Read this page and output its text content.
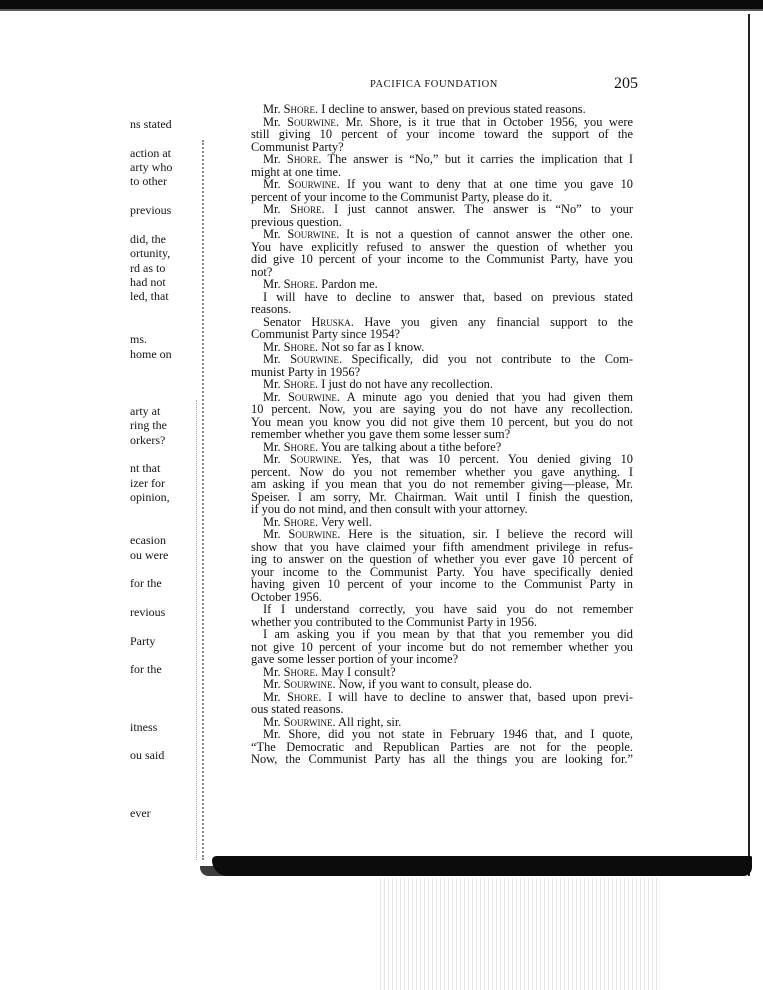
ns stated
action at
arty who
to other
previous
did, the
ortunity,
rd as to
had not
led, that
ms.
home on
arty at
ring the
orkers?
nt that
izer for
opinion,
ecasion
ou were
for the
revious
Party
for the
itness
ou said
ever
PACIFICA FOUNDATION	205
Mr. Shore. I decline to answer, based on previous stated reasons.
Mr. Sourwine. Mr. Shore, is it true that in October 1956, you were
still giving 10 percent of your income toward the support of the
Communist Party?
Mr. Shore. The answer is “No,” but it carries the implication that I
might at one time.
Mr. Sourwine. If you want to deny that at one time you gave 10
percent of your income to the Communist Party, please do it.
Mr. Shore. I just cannot answer. The answer is “No” to your
previous question.
Mr. Sourwine. It is not a question of cannot answer the other one.
You have explicitly refused to answer the question of whether you
did give 10 percent of your income to the Communist Party, have you
not?
Mr. Shore. Pardon me.
I will have to decline to answer that, based on previous stated
reasons.
Senator Hruska. Have you given any financial support to the
Communist Party since 1954?
Mr. Shore. Not so far as I know.
Mr. Sourwine. Specifically, did you not contribute to the Com-
munist Party in 1956?
Mr. Shore. I just do not have any recollection.
Mr. Sourwine. A minute ago you denied that you had given them
10 percent. Now, you are saying you do not have any recollection.
You mean you know you did not give them 10 percent, but you do not
remember whether you gave them some lesser sum?
Mr. Shore. You are talking about a tithe before?
Mr. Sourwine. Yes, that was 10 percent. You denied giving 10
percent. Now do you not remember whether you gave anything. I
am asking if you mean that you do not remember giving—please, Mr.
Speiser. I am sorry, Mr. Chairman. Wait until I finish the question,
if you do not mind, and then consult with your attorney.
Mr. Shore. Very well.
Mr. Sourwine. Here is the situation, sir. I believe the record will
show that you have claimed your fifth amendment privilege in refus-
ing to answer on the question of whether you ever gave 10 percent of
your income to the Communist Party. You have specifically denied
having given 10 percent of your income to the Communist Party in
October 1956.
If I understand correctly, you have said you do not remember
whether you contributed to the Communist Party in 1956.
I am asking you if you mean by that that you remember you did
not give 10 percent of your income but do not remember whether you
gave some lesser portion of your income?
Mr. Shore. May I consult?
Mr. Sourwine. Now, if you want to consult, please do.
Mr. Shore. I will have to decline to answer that, based upon previ-
ous stated reasons.
Mr. Sourwine. All right, sir.
Mr. Shore, did you not state in February 1946 that, and I quote,
“The Democratic and Republican Parties are not for the people.
Now, the Communist Party has all the things you are looking for.”
